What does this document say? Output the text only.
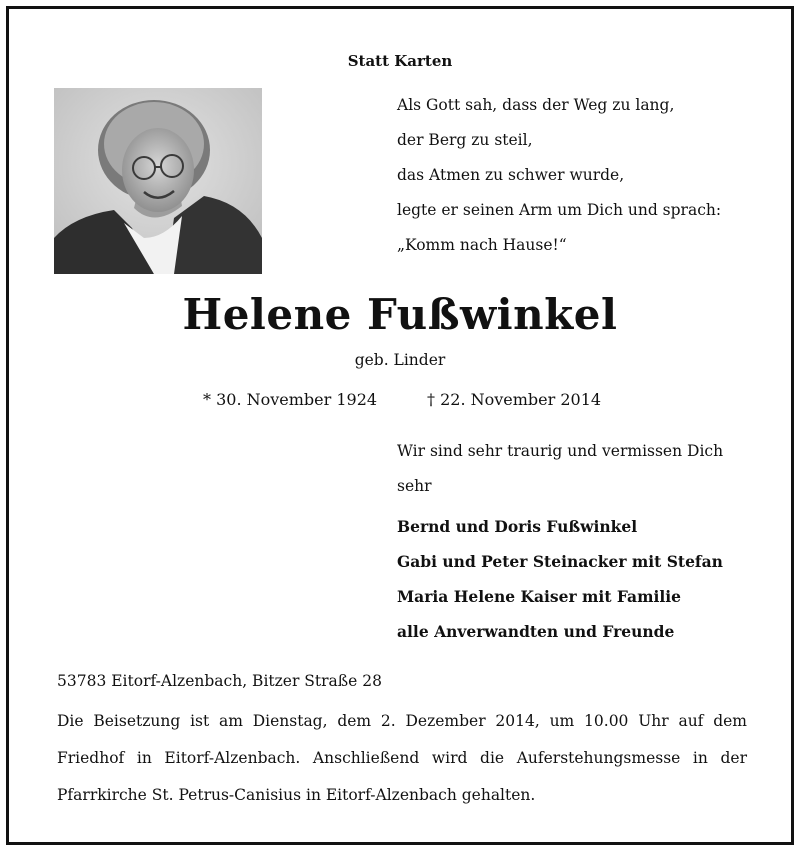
Statt Karten
Als Gott sah, dass der Weg zu lang,
der Berg zu steil,
das Atmen zu schwer wurde,
legte er seinen Arm um Dich und sprach:
„Komm nach Hause!“
Helene Fußwinkel
geb. Linder
* 30. November 1924	† 22. November 2014
Wir sind sehr traurig und vermissen Dich
sehr
Bernd und Doris Fußwinkel
Gabi und Peter Steinacker mit Stefan
Maria Helene Kaiser mit Familie
alle Anverwandten und Freunde
53783 Eitorf-Alzenbach, Bitzer Straße 28
Die Beisetzung ist am Dienstag, dem 2. Dezember 2014, um 10.00 Uhr auf dem Friedhof in Eitorf-Alzenbach. Anschließend wird die Auferstehungsmesse in der Pfarrkirche St. Petrus-Canisius in Eitorf-Alzenbach gehalten.
